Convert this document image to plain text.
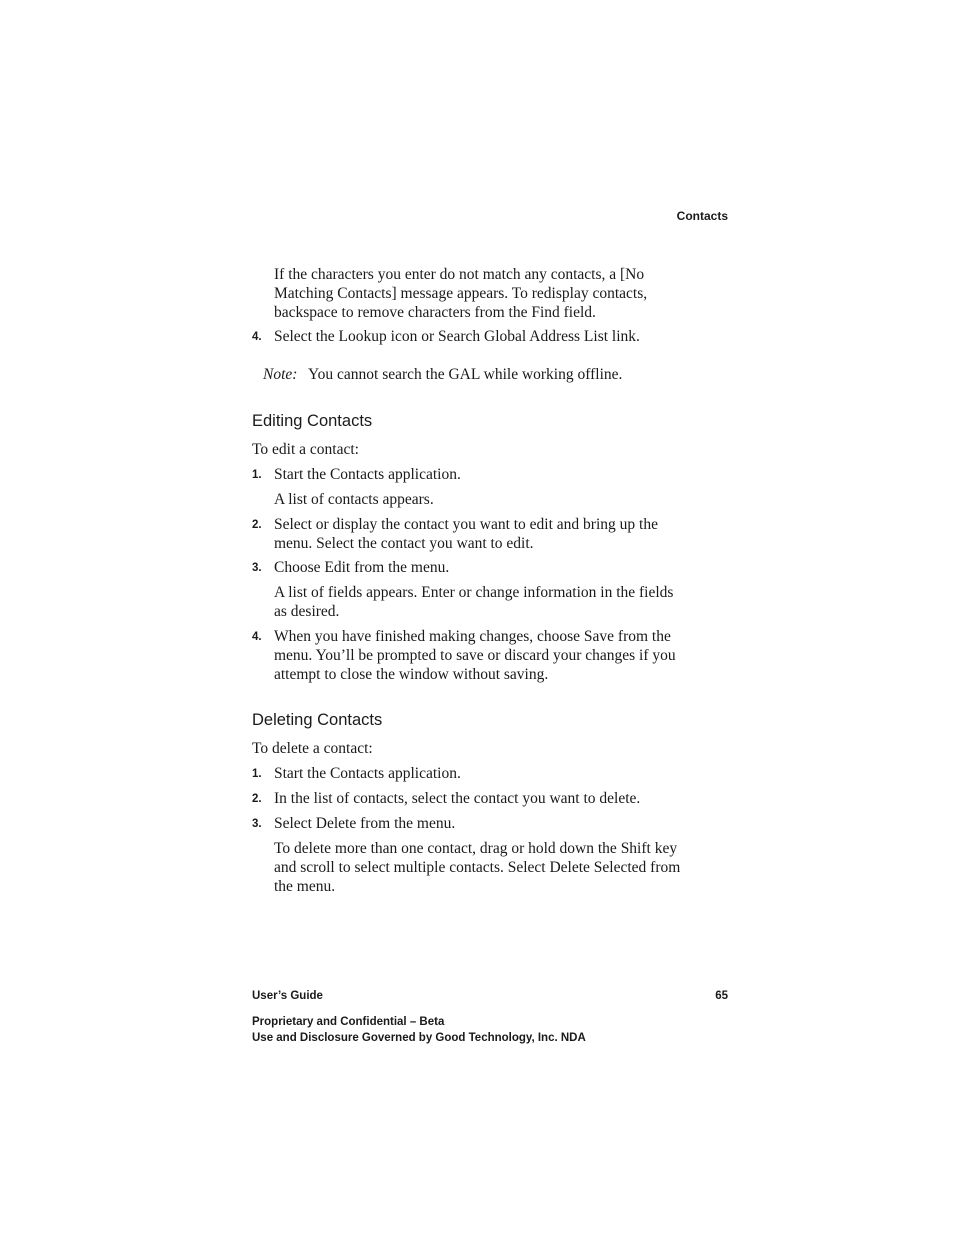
Contacts
If the characters you enter do not match any contacts, a [No
Matching Contacts] message appears. To redisplay contacts,
backspace to remove characters from the Find field.
4. Select the Lookup icon or Search Global Address List link.
Note: You cannot search the GAL while working offline.
Editing Contacts
To edit a contact:
1. Start the Contacts application.
A list of contacts appears.
2. Select or display the contact you want to edit and bring up the
menu. Select the contact you want to edit.
3. Choose Edit from the menu.
A list of fields appears. Enter or change information in the fields
as desired.
4. When you have finished making changes, choose Save from the
menu. You’ll be prompted to save or discard your changes if you
attempt to close the window without saving.
Deleting Contacts
To delete a contact:
1. Start the Contacts application.
2. In the list of contacts, select the contact you want to delete.
3. Select Delete from the menu.
To delete more than one contact, drag or hold down the Shift key
and scroll to select multiple contacts. Select Delete Selected from
the menu.
User’s Guide	65
Proprietary and Confidential – Beta
Use and Disclosure Governed by Good Technology, Inc. NDA
